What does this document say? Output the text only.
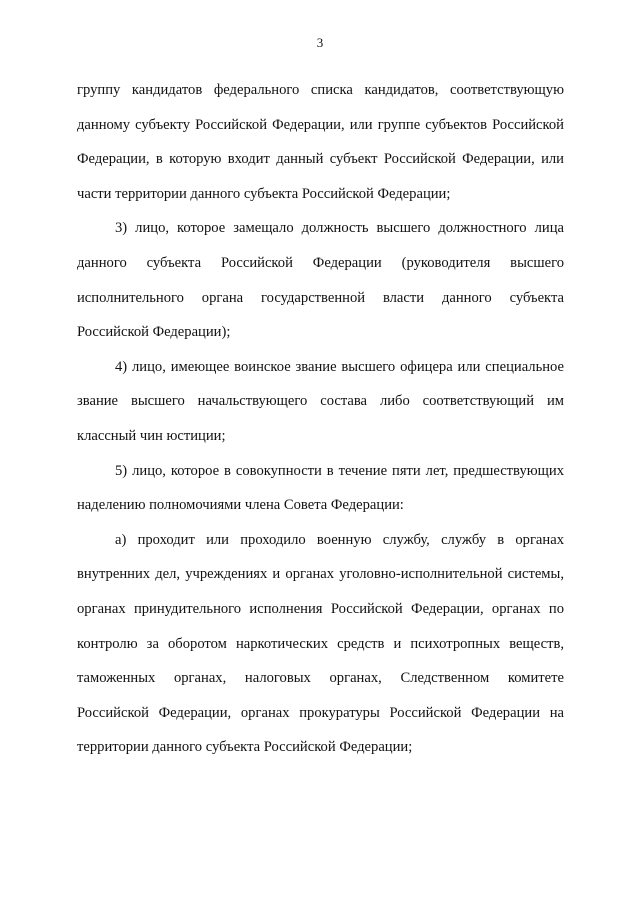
3

группу кандидатов федерального списка кандидатов, соответствующую данному субъекту Российской Федерации, или группе субъектов Российской Федерации, в которую входит данный субъект Российской Федерации, или части территории данного субъекта Российской Федерации;

3) лицо, которое замещало должность высшего должностного лица данного субъекта Российской Федерации (руководителя высшего исполнительного органа государственной власти данного субъекта Российской Федерации);

4) лицо, имеющее воинское звание высшего офицера или специальное звание высшего начальствующего состава либо соответствующий им классный чин юстиции;

5) лицо, которое в совокупности в течение пяти лет, предшествующих наделению полномочиями члена Совета Федерации:

а) проходит или проходило военную службу, службу в органах внутренних дел, учреждениях и органах уголовно-исполнительной системы, органах принудительного исполнения Российской Федерации, органах по контролю за оборотом наркотических средств и психотропных веществ, таможенных органах, налоговых органах, Следственном комитете Российской Федерации, органах прокуратуры Российской Федерации на территории данного субъекта Российской Федерации;
